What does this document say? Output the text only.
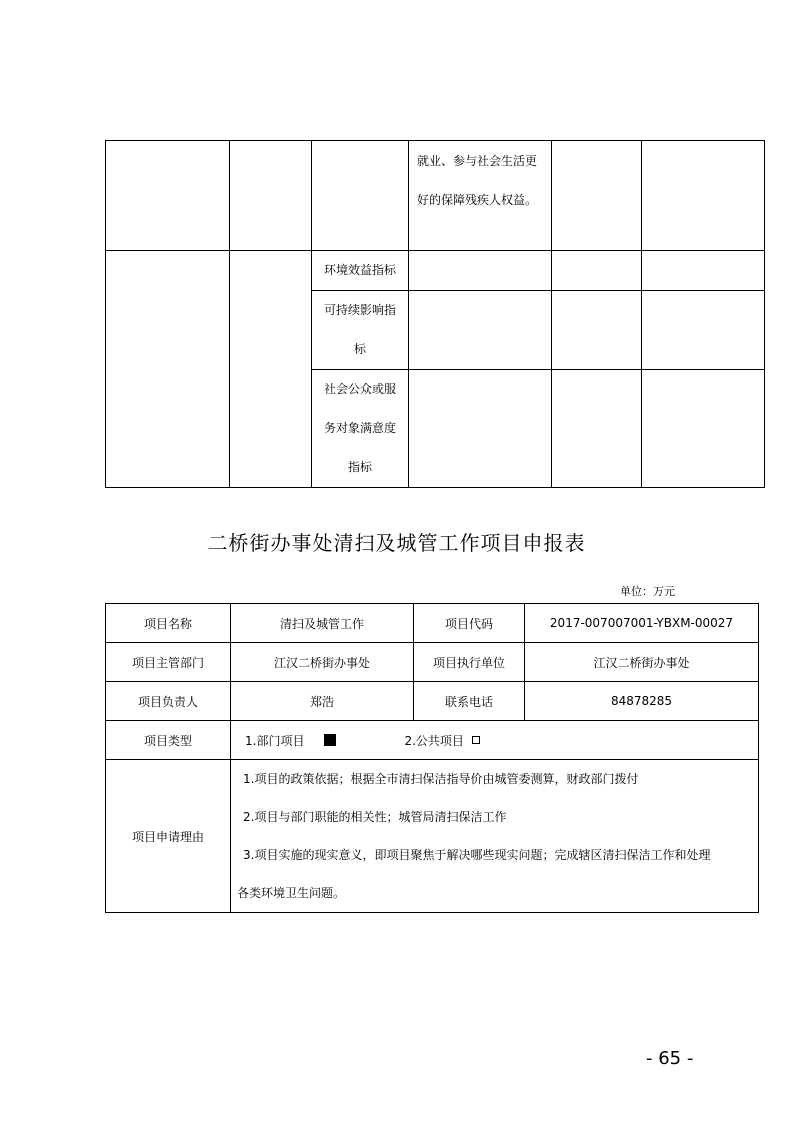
			就业、参与社会生活更
好的保障残疾人权益。		

		环境效益指标			

		可持续影响指
标			

		社会公众或服
务对象满意度
指标			

二桥街办事处清扫及城管工作项目申报表
单位：万元
项目名称	清扫及城管工作	项目代码	2017-007007001-YBXM-00027
项目主管部门	江汉二桥街办事处	项目执行单位	江汉二桥街办事处
项目负责人	郑浩	联系电话	84878285
项目类型	1.部门项目 2.公共项目		
项目申请理由	1.项目的政策依据；根据全市清扫保洁指导价由城管委测算，财政部门拨付
2.项目与部门职能的相关性；城管局清扫保洁工作
3.项目实施的现实意义，即项目聚焦于解决哪些现实问题；完成辖区清扫保洁工作和处理
各类环境卫生问题。		
- 65 -
